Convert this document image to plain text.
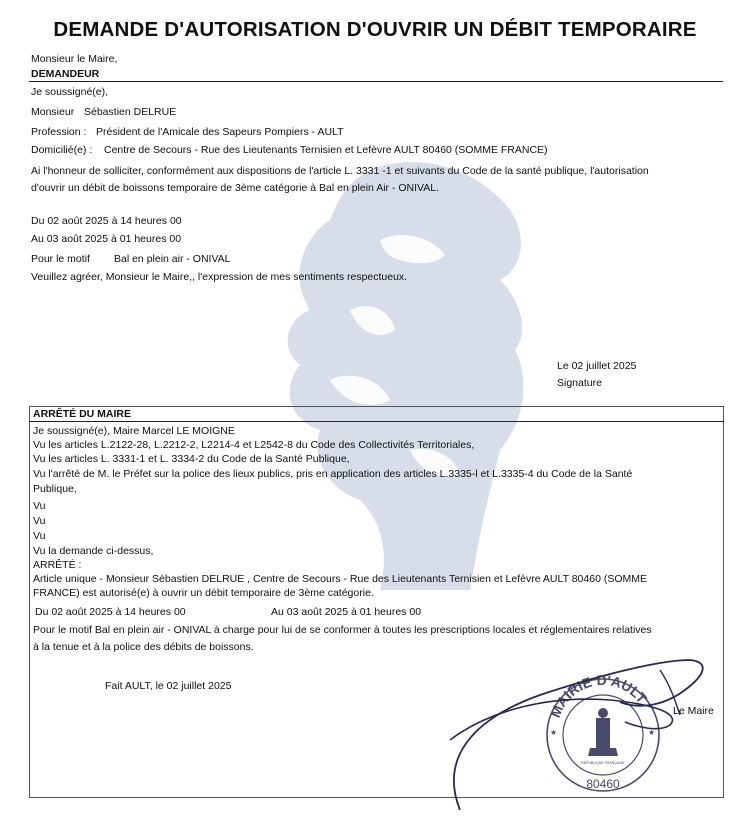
DEMANDE D'AUTORISATION D'OUVRIR UN DÉBIT TEMPORAIRE
Monsieur le Maire,
DEMANDEUR
Je soussigné(e),
Monsieur Sébastien DELRUE
Profession : Président de l'Amicale des Sapeurs Pompiers - AULT
Domicilié(e) : Centre de Secours - Rue des Lieutenants Ternisien et Lefèvre AULT 80460 (SOMME FRANCE)
Ai l'honneur de solliciter, conformément aux dispositions de l'article L. 3331 -1 et suivants du Code de la santé publique, l'autorisation
d'ouvrir un débit de boissons temporaire de 3ème catégorie à Bal en plein Air - ONIVAL.
Du 02 août 2025 à 14 heures 00
Au 03 août 2025 à 01 heures 00
Pour le motif Bal en plein air - ONIVAL
Veuillez agréer, Monsieur le Maire,, l'expression de mes sentiments respectueux.
Le 02 juillet 2025
Signature
ARRÊTÉ DU MAIRE
Je soussigné(e), Maire Marcel LE MOIGNE
Vu les articles L.2122-28, L.2212-2, L2214-4 et L2542-8 du Code des Collectivités Territoriales,
Vu les articles L. 3331-1 et L. 3334-2 du Code de la Santé Publique,
Vu l'arrêté de M. le Préfet sur la police des lieux publics, pris en application des articles L.3335-l et L.3335-4 du Code de la Santé
Publique,
Vu
Vu
Vu
Vu la demande ci-dessus,
ARRÊTÉ :
Article unique - Monsieur Sébastien DELRUE , Centre de Secours - Rue des Lieutenants Ternisien et Lefèvre AULT 80460 (SOMME
FRANCE) est autorisé(e) à ouvrir un débit temporaire de 3ème catégorie.
Du 02 août 2025 à 14 heures 00	Au 03 août 2025 à 01 heures 00
Pour le motif Bal en plein air - ONIVAL à charge pour lui de se conformer à toutes les prescriptions locales et réglementaires relatives
à la tenue et à la police des débits de boissons.
Fait AULT, le 02 juillet 2025
Le Maire
MAIRIE D'AULT
RÉPUBLIQUE FRANÇAISE
80460
★	★
